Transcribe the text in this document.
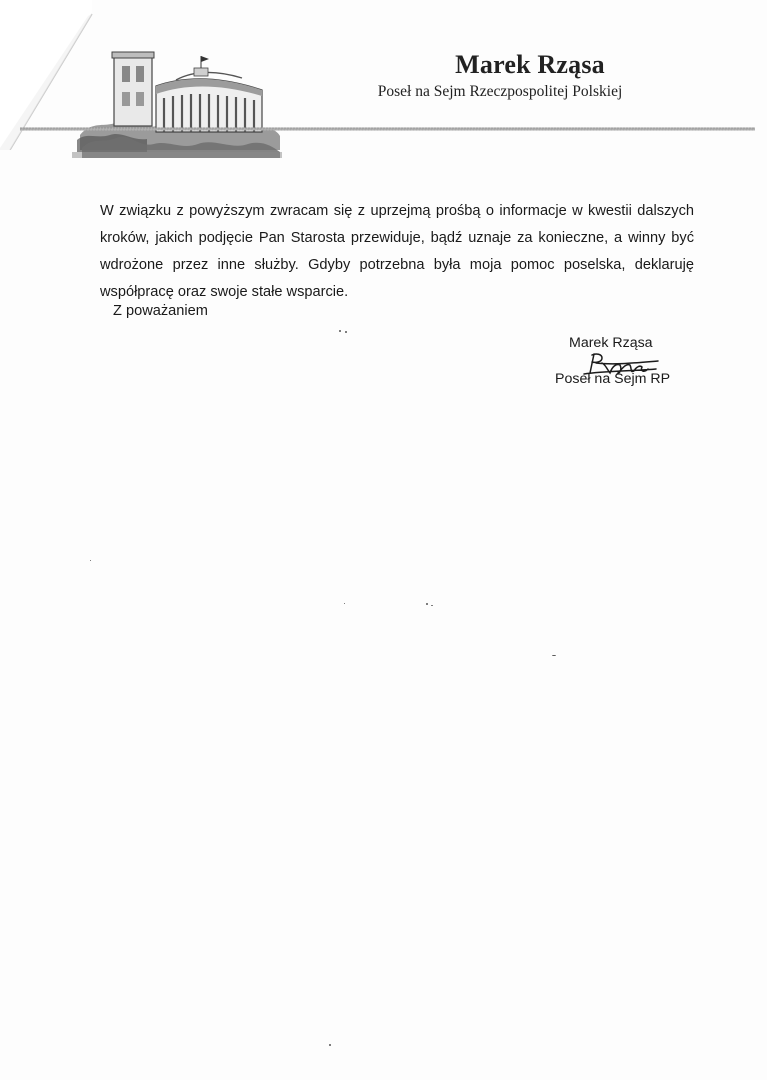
Marek Rząsa
Poseł na Sejm Rzeczpospolitej Polskiej

W związku z powyższym zwracam się z uprzejmą prośbą o informacje w kwestii dalszych kroków, jakich podjęcie Pan Starosta przewiduje, bądź uznaje za konieczne, a winny być wdrożone przez inne służby. Gdyby potrzebna była moja pomoc poselska, deklaruję współpracę oraz swoje stałe wsparcie.

Z poważaniem
Marek Rząsa
Poseł na Sejm RP
